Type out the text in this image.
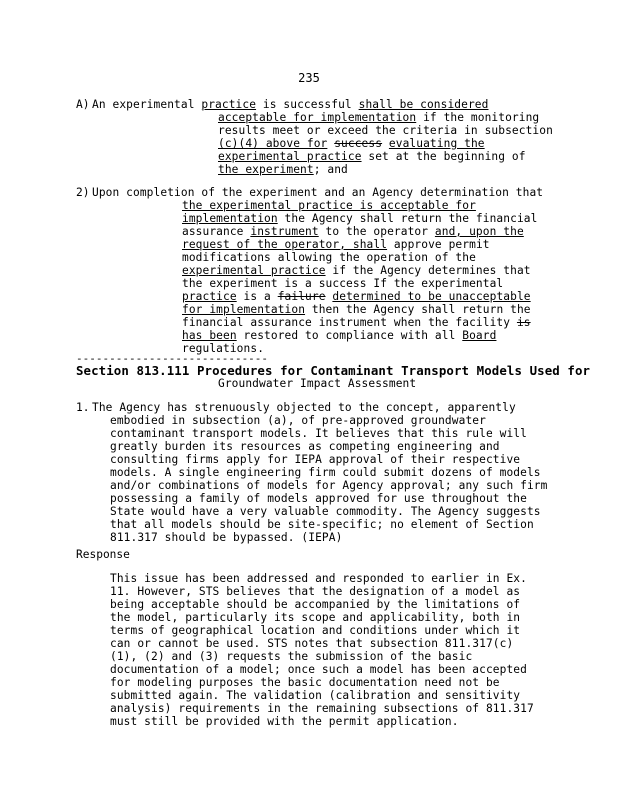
235
A) An experimental practice is successful shall be considered
acceptable for implementation if the monitoring
results meet or exceed the criteria in subsection
(c)(4) above for success evaluating the
experimental practice set at the beginning of
the experiment; and
2) Upon completion of the experiment and an Agency determination that
the experimental practice is acceptable for
implementation the Agency shall return the financial
assurance instrument to the operator and, upon the
request of the operator, shall approve permit
modifications allowing the operation of the
experimental practice if the Agency determines that
the experiment is a success If the experimental
practice is a failure determined to be unacceptable
for implementation then the Agency shall return the
financial assurance instrument when the facility is
has been restored to compliance with all Board
regulations.
-----------------------------
Section 813.111 Procedures for Contaminant Transport Models Used for
Groundwater Impact Assessment
1. The Agency has strenuously objected to the concept, apparently
embodied in subsection (a), of pre-approved groundwater
contaminant transport models. It believes that this rule will
greatly burden its resources as competing engineering and
consulting firms apply for IEPA approval of their respective
models. A single engineering firm could submit dozens of models
and/or combinations of models for Agency approval; any such firm
possessing a family of models approved for use throughout the
State would have a very valuable commodity. The Agency suggests
that all models should be site-specific; no element of Section
811.317 should be bypassed. (IEPA)
Response
This issue has been addressed and responded to earlier in Ex.
11. However, STS believes that the designation of a model as
being acceptable should be accompanied by the limitations of
the model, particularly its scope and applicability, both in
terms of geographical location and conditions under which it
can or cannot be used. STS notes that subsection 811.317(c)
(1), (2) and (3) requests the submission of the basic
documentation of a model; once such a model has been accepted
for modeling purposes the basic documentation need not be
submitted again. The validation (calibration and sensitivity
analysis) requirements in the remaining subsections of 811.317
must still be provided with the permit application.
